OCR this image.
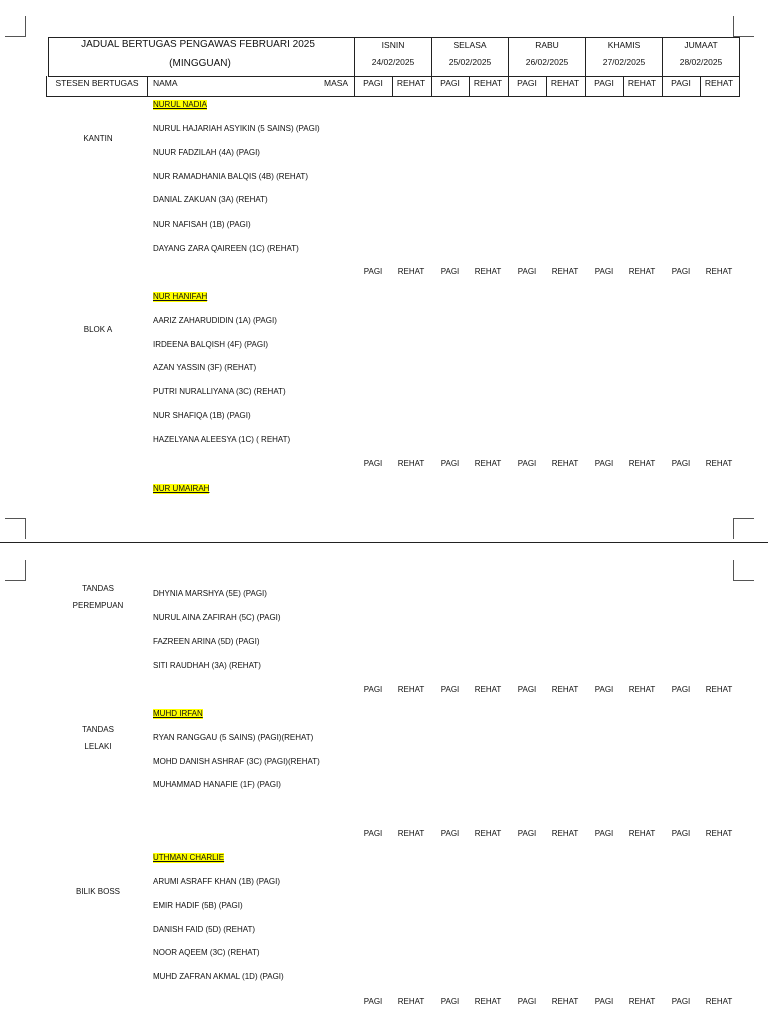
JADUAL BERTUGAS PENGAWAS FEBRUARI 2025
(MINGGUAN)
ISNIN
24/02/2025
SELASA
25/02/2025
RABU
26/02/2025
KHAMIS
27/02/2025
JUMAAT
28/02/2025
STESEN BERTUGAS NAMA	MASA PAGI REHAT PAGI REHAT PAGI REHAT PAGI REHAT PAGI REHAT
KANTIN
NURUL NADIA
NURUL HAJARIAH ASYIKIN (5 SAINS) (PAGI)
NUUR FADZILAH (4A) (PAGI)
NUR RAMADHANIA BALQIS (4B) (REHAT)
DANIAL ZAKUAN (3A) (REHAT)
NUR NAFISAH (1B) (PAGI)
DAYANG ZARA QAIREEN (1C) (REHAT)
PAGI REHAT PAGI REHAT PAGI REHAT PAGI REHAT PAGI REHAT
BLOK A
NUR HANIFAH
AARIZ ZAHARUDIDIN (1A) (PAGI)
IRDEENA BALQISH (4F) (PAGI)
AZAN YASSIN (3F) (REHAT)
PUTRI NURALLIYANA (3C) (REHAT)
NUR SHAFIQA (1B) (PAGI)
HAZELYANA ALEESYA (1C) ( REHAT)
PAGI REHAT PAGI REHAT PAGI REHAT PAGI REHAT PAGI REHAT
NUR UMAIRAH
TANDAS
PEREMPUAN
DHYNIA MARSHYA (5E) (PAGI)
NURUL AINA ZAFIRAH (5C) (PAGI)
FAZREEN ARINA (5D) (PAGI)
SITI RAUDHAH (3A) (REHAT)
PAGI REHAT PAGI REHAT PAGI REHAT PAGI REHAT PAGI REHAT
TANDAS
LELAKI
MUHD IRFAN
RYAN RANGGAU (5 SAINS) (PAGI)(REHAT)
MOHD DANISH ASHRAF (3C) (PAGI)(REHAT)
MUHAMMAD HANAFIE (1F) (PAGI)
PAGI REHAT PAGI REHAT PAGI REHAT PAGI REHAT PAGI REHAT
BILIK BOSS
UTHMAN CHARLIE
ARUMI ASRAFF KHAN (1B) (PAGI)
EMIR HADIF (5B) (PAGI)
DANISH FAID (5D) (REHAT)
NOOR AQEEM (3C) (REHAT)
MUHD ZAFRAN AKMAL (1D) (PAGI)
PAGI REHAT PAGI REHAT PAGI REHAT PAGI REHAT PAGI REHAT
